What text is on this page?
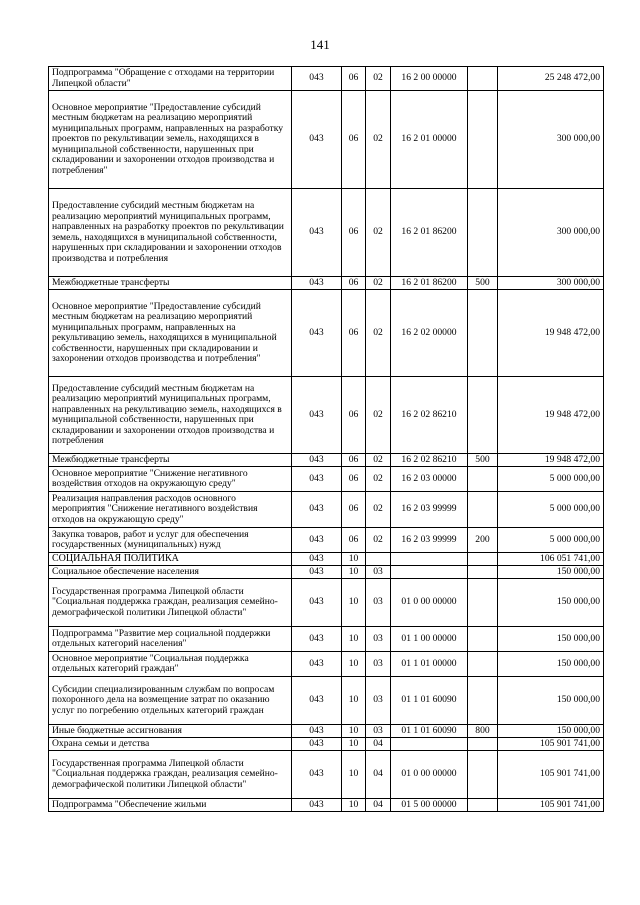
141
Подпрограмма "Обращение с отходами на территории Липецкой области"	043	06	02	16 2 00 00000		25 248 472,00
Основное мероприятие "Предоставление субсидий местным бюджетам на реализацию мероприятий муниципальных программ, направленных на разработку проектов по рекультивации земель, находящихся в муниципальной собственности, нарушенных при складировании и захоронении отходов производства и потребления"	043	06	02	16 2 01 00000		300 000,00
Предоставление субсидий местным бюджетам на реализацию мероприятий муниципальных программ, направленных на разработку проектов по рекультивации земель, находящихся в муниципальной собственности, нарушенных при складировании и захоронении отходов производства и потребления	043	06	02	16 2 01 86200		300 000,00
Межбюджетные трансферты	043	06	02	16 2 01 86200	500	300 000,00
Основное мероприятие "Предоставление субсидий местным бюджетам на реализацию мероприятий муниципальных программ, направленных на рекультивацию земель, находящихся в муниципальной собственности, нарушенных при складировании и захоронении отходов производства и потребления"	043	06	02	16 2 02 00000		19 948 472,00
Предоставление субсидий местным бюджетам на реализацию мероприятий муниципальных программ, направленных на рекультивацию земель, находящихся в муниципальной собственности, нарушенных при складировании и захоронении отходов производства и потребления	043	06	02	16 2 02 86210		19 948 472,00
Межбюджетные трансферты	043	06	02	16 2 02 86210	500	19 948 472,00
Основное мероприятие "Снижение негативного воздействия отходов на окружающую среду"	043	06	02	16 2 03 00000		5 000 000,00
Реализация направления расходов основного мероприятия "Снижение негативного воздействия отходов на окружающую среду"	043	06	02	16 2 03 99999		5 000 000,00
Закупка товаров, работ и услуг для обеспечения государственных (муниципальных) нужд	043	06	02	16 2 03 99999	200	5 000 000,00
СОЦИАЛЬНАЯ ПОЛИТИКА	043	10				106 051 741,00
Социальное обеспечение населения	043	10	03			150 000,00
Государственная программа Липецкой области "Социальная поддержка граждан, реализация семейно-демографической политики Липецкой области"	043	10	03	01 0 00 00000		150 000,00
Подпрограмма "Развитие мер социальной поддержки отдельных категорий населения"	043	10	03	01 1 00 00000		150 000,00
Основное мероприятие "Социальная поддержка отдельных категорий граждан"	043	10	03	01 1 01 00000		150 000,00
Субсидии специализированным службам по вопросам похоронного дела на возмещение затрат по оказанию услуг по погребению отдельных категорий граждан	043	10	03	01 1 01 60090		150 000,00
Иные бюджетные ассигнования	043	10	03	01 1 01 60090	800	150 000,00
Охрана семьи и детства	043	10	04			105 901 741,00
Государственная программа Липецкой области "Социальная поддержка граждан, реализация семейно-демографической политики Липецкой области"	043	10	04	01 0 00 00000		105 901 741,00
Подпрограмма "Обеспечение жильми	043	10	04	01 5 00 00000		105 901 741,00
